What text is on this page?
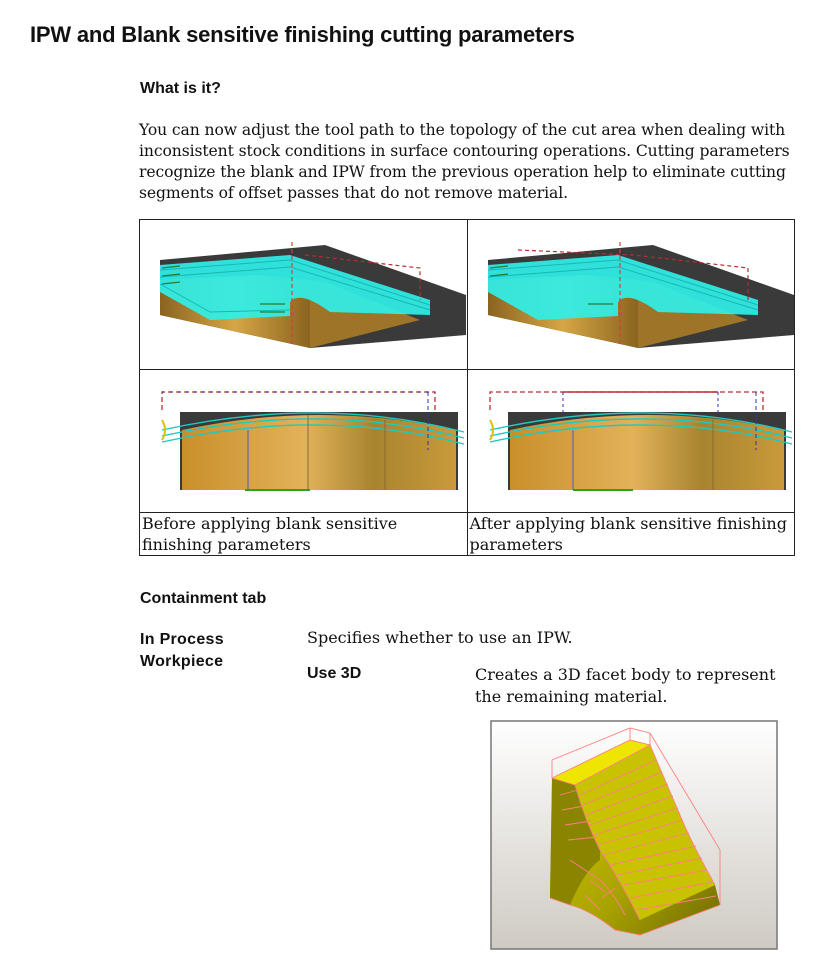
IPW and Blank sensitive finishing cutting parameters
What is it?
You can now adjust the tool path to the topology of the cut area when dealing with inconsistent stock conditions in surface contouring operations. Cutting parameters recognize the blank and IPW from the previous operation help to eliminate cutting segments of offset passes that do not remove material.

Before applying blank sensitive finishing parameters	After applying blank sensitive finishing parameters
Containment tab
In Process Workpiece
Specifies whether to use an IPW.
Use 3D	Creates a 3D facet body to represent the remaining material.
